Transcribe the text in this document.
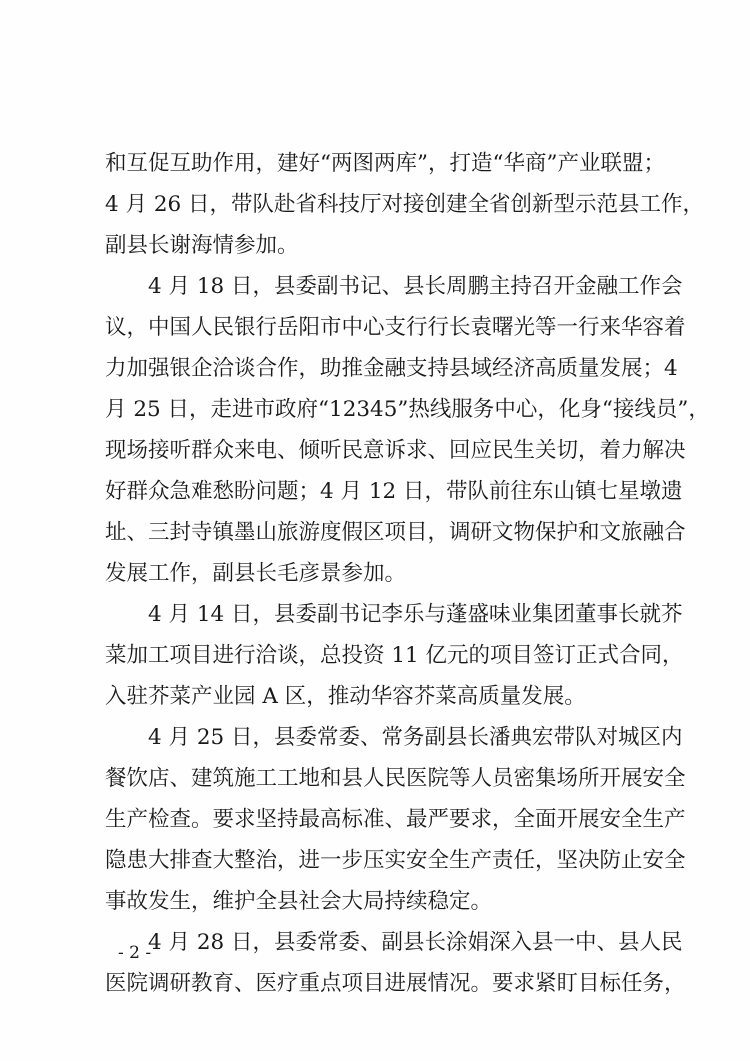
和互促互助作用，建好“两图两库”，打造“华商”产业联盟；
4 月 26 日，带队赴省科技厅对接创建全省创新型示范县工作，
副县长谢海情参加。
4 月 18 日，县委副书记、县长周鹏主持召开金融工作会
议，中国人民银行岳阳市中心支行行长袁曙光等一行来华容着
力加强银企洽谈合作，助推金融支持县域经济高质量发展；4
月 25 日，走进市政府“12345”热线服务中心，化身“接线员”，
现场接听群众来电、倾听民意诉求、回应民生关切，着力解决
好群众急难愁盼问题；4 月 12 日，带队前往东山镇七星墩遗
址、三封寺镇墨山旅游度假区项目，调研文物保护和文旅融合
发展工作，副县长毛彦景参加。
4 月 14 日，县委副书记李乐与蓬盛味业集团董事长就芥
菜加工项目进行洽谈，总投资 11 亿元的项目签订正式合同，
入驻芥菜产业园 A 区，推动华容芥菜高质量发展。
4 月 25 日，县委常委、常务副县长潘典宏带队对城区内
餐饮店、建筑施工工地和县人民医院等人员密集场所开展安全
生产检查。要求坚持最高标准、最严要求，全面开展安全生产
隐患大排查大整治，进一步压实安全生产责任，坚决防止安全
事故发生，维护全县社会大局持续稳定。
4 月 28 日，县委常委、副县长涂娟深入县一中、县人民
医院调研教育、医疗重点项目进展情况。要求紧盯目标任务，
- 2 -
